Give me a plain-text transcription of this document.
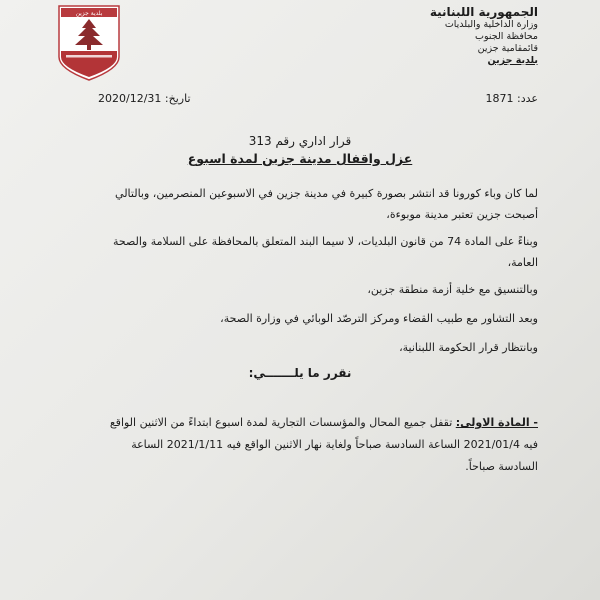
بلدية جزين	الجمهورية اللبنانية
وزارة الداخلية والبلديات
محافظة الجنوب
قائمقامية جزين
بلدية جزين
عدد: 1871
تاريخ: 2020/12/31
قرار اداري رقم 313
عزل واقفال مدينة جزين لمدة اسبوع

لما كان وباء كورونا قد انتشر بصورة كبيرة في مدينة جزين في الاسبوعين المنصرمين، وبالتالي
أصبحت جزين تعتبر مدينة موبوءة،

وبناءً على المادة 74 من قانون البلديات، لا سيما البند المتعلق بالمحافظة على السلامة والصحة
العامة،

وبالتنسيق مع خلية أزمة منطقة جزين،

وبعد التشاور مع طبيب القضاء ومركز الترصّد الوبائي في وزارة الصحة،

وبانتظار قرار الحكومة اللبنانية،

نقرر ما يلـــــــي:
- المادة الاولى: تقفل جميع المحال والمؤسسات التجارية لمدة اسبوع ابتداءً من الاثنين الواقع
فيه 2021/01/4 الساعة السادسة صباحاً ولغاية نهار الاثنين الواقع فيه 2021/1/11 الساعة
السادسة صباحاً.
